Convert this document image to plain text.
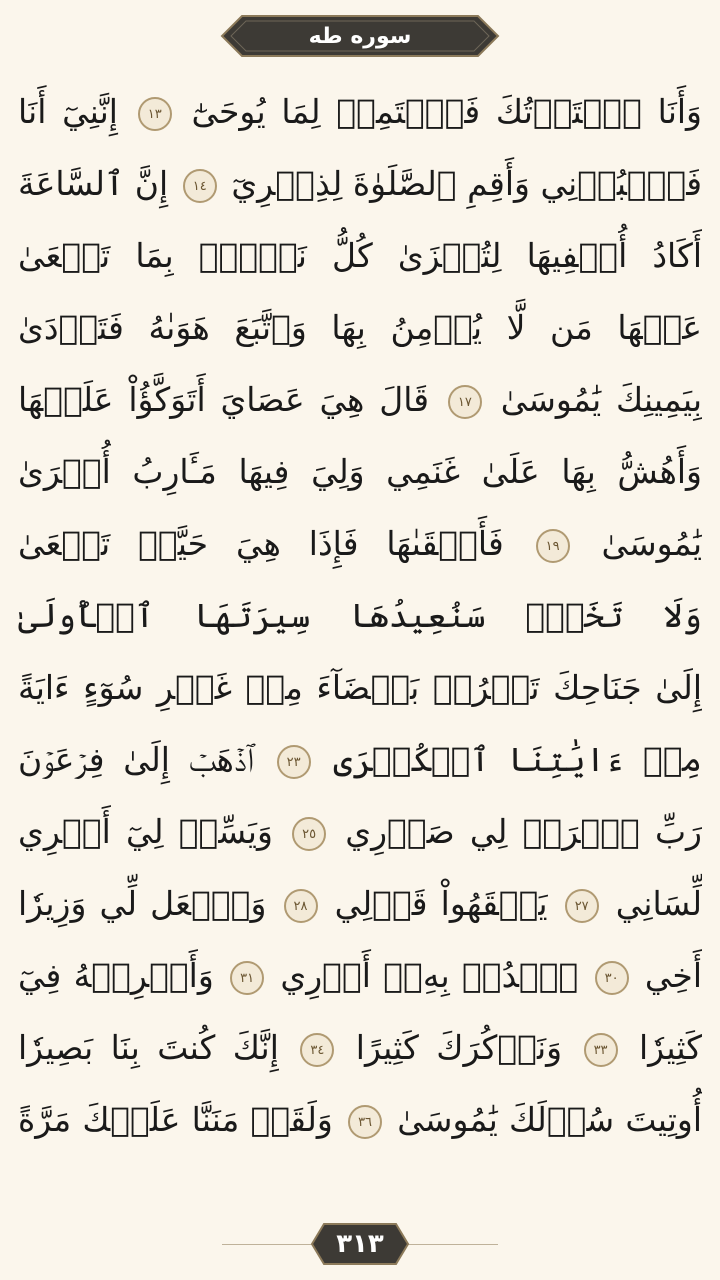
سوره طه
وَأَنَا ٱخۡتَرۡتُكَ فَٱسۡتَمِعۡ لِمَا يُوحَىٰٓ ١٣ إِنَّنِيٓ أَنَا
فَٱعۡبُدۡنِي وَأَقِمِ ٱلصَّلَوٰةَ لِذِكۡرِيٓ ١٤ إِنَّ ٱلسَّاعَةَ
أَكَادُ أُخۡفِيهَا لِتُجۡزَىٰ كُلُّ نَفۡسِۭ بِمَا تَسۡعَىٰ
عَنۡهَا مَن لَّا يُؤۡمِنُ بِهَا وَٱتَّبَعَ هَوَىٰهُ فَتَرۡدَىٰ
بِيَمِينِكَ يَٰمُوسَىٰ ١٧ قَالَ هِيَ عَصَايَ أَتَوَكَّؤُاْ عَلَيۡهَا
وَأَهُشُّ بِهَا عَلَىٰ غَنَمِي وَلِيَ فِيهَا مَـَٔارِبُ أُخۡرَىٰ
يَٰمُوسَىٰ ١٩ فَأَلۡقَىٰهَا فَإِذَا هِيَ حَيَّةٞ تَسۡعَىٰ
وَلَا تَخَفۡۖ سَنُعِيدُهَا سِيرَتَهَا ٱلۡأُولَىٰ
إِلَىٰ جَنَاحِكَ تَخۡرُجۡ بَيۡضَآءَ مِنۡ غَيۡرِ سُوٓءٍ ءَايَةً
مِنۡ ءَايَٰتِنَا ٱلۡكُبۡرَى ٢٣ ٱذۡهَبۡ إِلَىٰ فِرۡعَوۡنَ
رَبِّ ٱشۡرَحۡ لِي صَدۡرِي ٢٥ وَيَسِّرۡ لِيٓ أَمۡرِي
لِّسَانِي ٢٧ يَفۡقَهُواْ قَوۡلِي ٢٨ وَٱجۡعَل لِّي وَزِيرٗا
أَخِي ٣٠ ٱشۡدُدۡ بِهِۦٓ أَزۡرِي ٣١ وَأَشۡرِكۡهُ فِيٓ
كَثِيرٗا ٣٣ وَنَذۡكُرَكَ كَثِيرًا ٣٤ إِنَّكَ كُنتَ بِنَا بَصِيرٗا
أُوتِيتَ سُؤۡلَكَ يَٰمُوسَىٰ ٣٦ وَلَقَدۡ مَنَنَّا عَلَيۡكَ مَرَّةً
٣١٣
